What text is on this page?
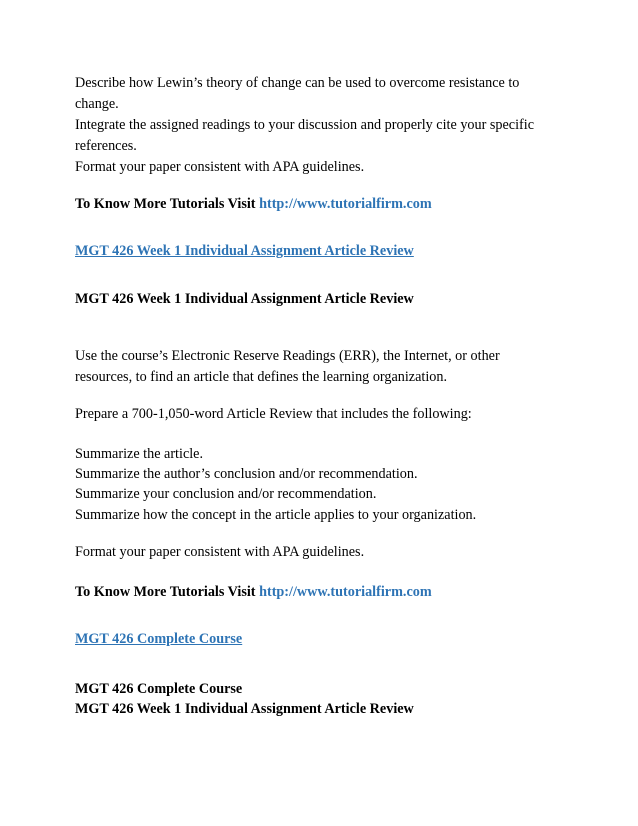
Describe how Lewin’s theory of change can be used to overcome resistance to
change.
Integrate the assigned readings to your discussion and properly cite your specific
references.
Format your paper consistent with APA guidelines.
To Know More Tutorials Visit http://www.tutorialfirm.com
MGT 426 Week 1 Individual Assignment Article Review
MGT 426 Week 1 Individual Assignment Article Review
Use the course’s Electronic Reserve Readings (ERR), the Internet, or other
resources, to find an article that defines the learning organization.
Prepare a 700-1,050-word Article Review that includes the following:
Summarize the article.
Summarize the author’s conclusion and/or recommendation.
Summarize your conclusion and/or recommendation.
Summarize how the concept in the article applies to your organization.
Format your paper consistent with APA guidelines.
To Know More Tutorials Visit http://www.tutorialfirm.com
MGT 426 Complete Course
MGT 426 Complete Course
MGT 426 Week 1 Individual Assignment Article Review
